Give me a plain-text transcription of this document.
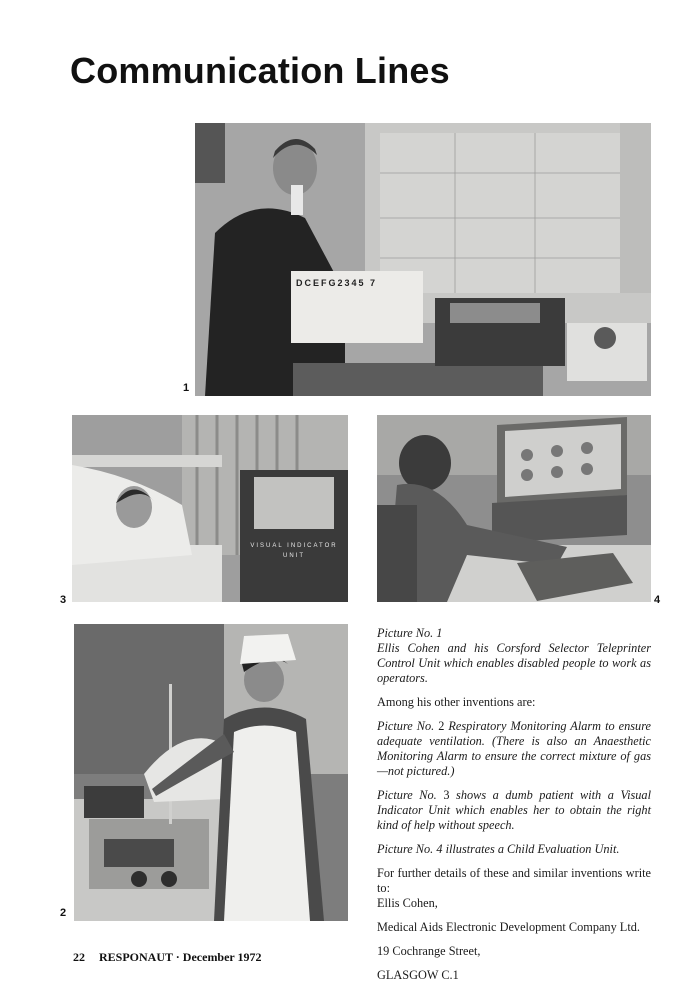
Communication Lines
DCEFG2345 7
1
VISUAL INDICATOR UNIT
3	4
2

Picture No. 1

Ellis Cohen and his Corsford Selector Teleprinter Control Unit which enables disabled people to work as operators.

Among his other inventions are:

Picture No. 2 Respiratory Monitoring Alarm to ensure adequate ventilation. (There is also an Anaesthetic Monitoring Alarm to ensure the correct mixture of gas —not pictured.)

Picture No. 3 shows a dumb patient with a Visual Indicator Unit which enables her to obtain the right kind of help without speech.

Picture No. 4 illustrates a Child Evaluation Unit.

For further details of these and similar inventions write to:

Ellis Cohen,

Medical Aids Electronic Development Company Ltd.

19 Cochrange Street,

GLASGOW C.1

22 RESPONAUT · December 1972
